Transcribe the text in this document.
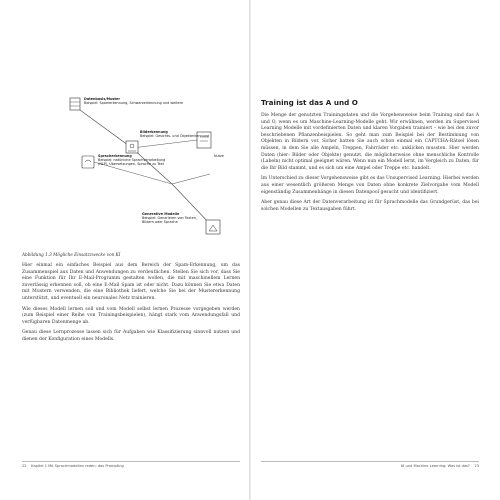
Datenbasis/Muster
Beispiel: Spamerkennung, Schwarzerkennung und weitere
Bilderkennung
Beispiel: Gesichts- und Objekterkennung
Spracherkennung
Beispiel: natürliche Sprachverarbeitung (NLP), Übersetzungen, Sprache zu Text
Generative Modelle
Beispiel: Generieren von Texten, Bildern oder Sprache
Nutze
Abbildung 1.3 Mögliche Einsatzzwecke von KI

Hier einmal ein einfaches Beispiel aus dem Bereich der Spam-Erkennung, um das Zusammenspiel aus Daten und Anwendungen zu verdeutlichen. Stellen Sie sich vor, dass Sie eine Funktion für Ihr E-Mail-Programm gestalten wollen, die mit maschinellem Lernen zuverlässig erkennen soll, ob eine E-Mail Spam ist oder nicht. Dazu können Sie etwa Daten mit Mustern verwenden, die eine Bibliothek liefert, welche Sie bei der Mustererkennung unterstützt, und eventuell ein neuronales Netz trainieren.

Wie dieses Modell lernen soll und vom Modell selbst lernen Prozesse vorgegeben werden (zum Beispiel einer Reihe von Trainingsbeispielen), hängt stark vom Anwendungsfall und verfügbaren Datenmenge ab.

Genau diese Lernprozesse lassen sich für Aufgaben wie Klassifizierung sinnvoll nutzen und dienen der Konfiguration eines Modells.

22 Kapitel 1 Mit Sprachmodellen reden: das Prompting
Training ist das A und O

Die Menge der genutzten Trainingsdaten und die Vorgehensweise beim Training sind das A und O, wenn es um Maschine-Learning-Modelle geht. Wir erwähnen, werden im Supervised Learning Modelle mit vordefinierten Daten und klaren Vorgaben trainiert – wie bei den zuvor beschriebenen Pflanzenbeispielen. So geht man zum Beispiel bei der Bestimmung von Objekten in Bildern vor. Sicher hatten Sie auch schon einmal ein CAPTCHA-Rätsel lösen müssen, in dem Sie alle Ampeln, Treppen, Fahrräder etc. anklicken mussten. Hier werden Daten (hier: Bilder oder Objekte) genutzt, die möglicherweise ohne menschliche Kontrolle (Labeln) nicht optimal geeignet wären. Wenn nun ein Modell lernt, im Vergleich zu Daten, für die Ihr Bild stammt, und es sich um eine Ampel oder Treppe etc. handelt.

Im Unterschied zu dieser Vorgehensweise gibt es das Unsupervised Learning. Hierbei werden aus einer wesentlich größeren Menge von Daten ohne konkrete Zielvorgabe vom Modell eigenständig Zusammenhänge in diesen Datenpool gesucht und identifiziert.

Aber genau diese Art der Datenverarbeitung ist für Sprachmodelle das Grundgerüst, das bei solchen Modellen zu Textausgaben führt.

KI und Machine Learning: Was ist das? 23
